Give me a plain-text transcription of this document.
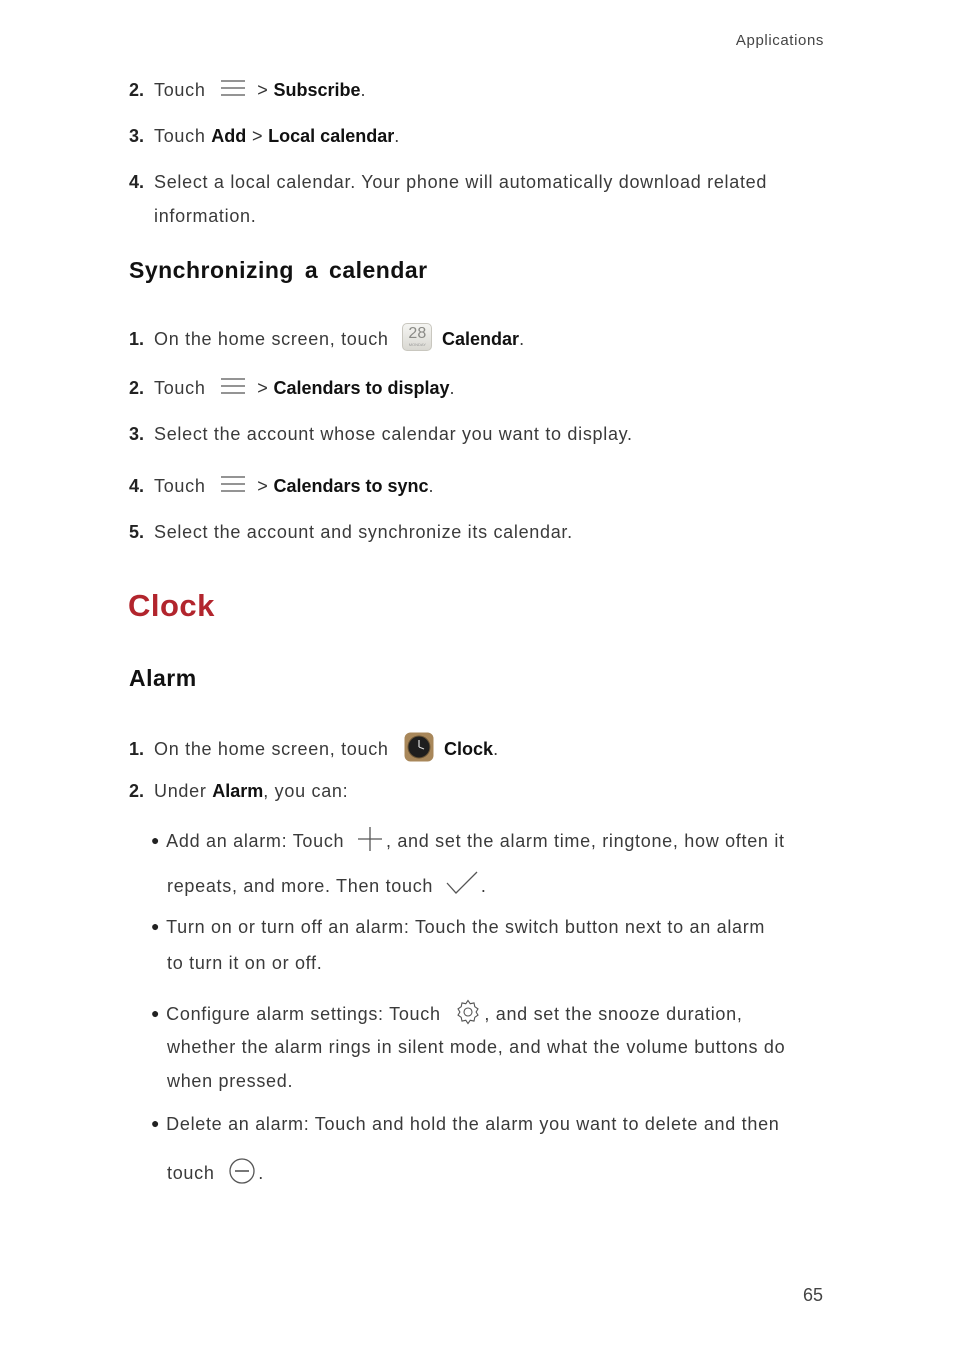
Applications
2. Touch	> Subscribe.
3. Touch Add > Local calendar.
4. Select a local calendar. Your phone will automatically download related
information.
Synchronizing a calendar
1. On the home screen, touch	28
MONDAY Calendar.
2. Touch	> Calendars to display.
3. Select the account whose calendar you want to display.
4. Touch	> Calendars to sync.
5. Select the account and synchronize its calendar.
Clock
Alarm
1. On the home screen, touch	Clock.
2. Under Alarm, you can:
● Add an alarm: Touch , and set the alarm time, ringtone, how often it
repeats, and more. Then touch	.
● Turn on or turn off an alarm: Touch the switch button next to an alarm
to turn it on or off.
● Configure alarm settings: Touch , and set the snooze duration,
whether the alarm rings in silent mode, and what the volume buttons do
when pressed.
● Delete an alarm: Touch and hold the alarm you want to delete and then
touch .
65
